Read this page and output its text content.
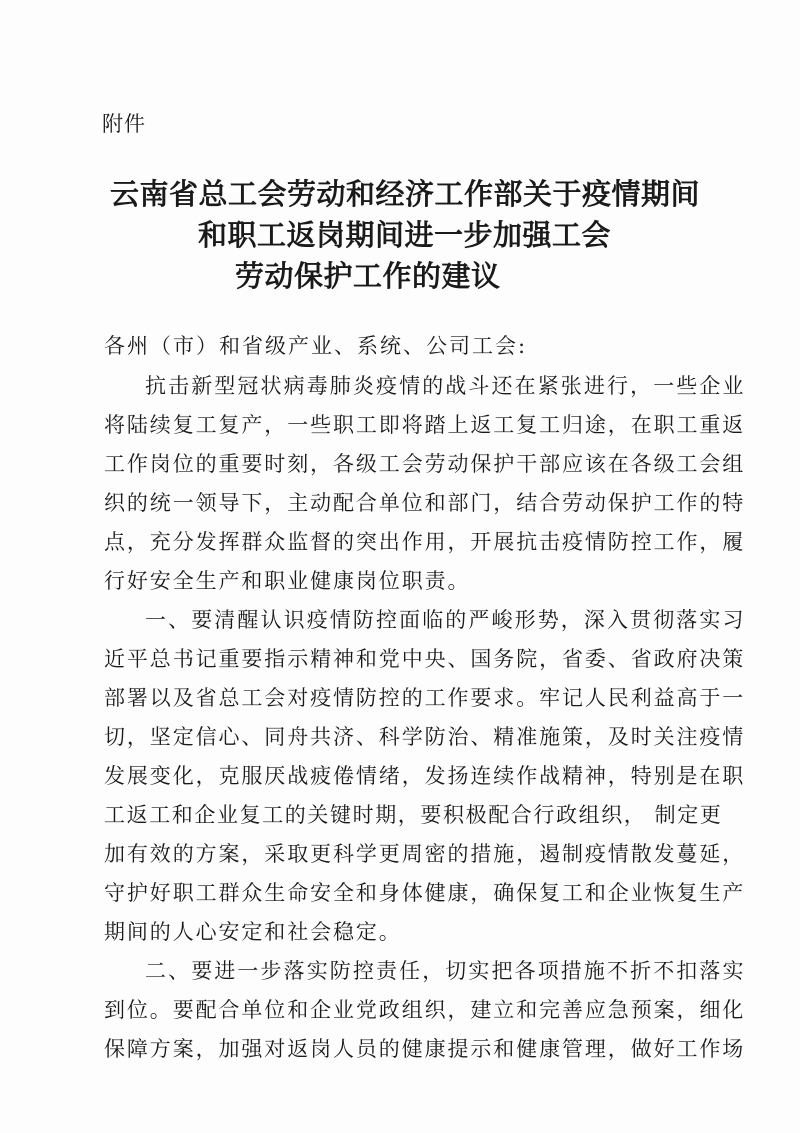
附件
云南省总工会劳动和经济工作部关于疫情期间
和职工返岗期间进一步加强工会
劳动保护工作的建议
各州（市）和省级产业、系统、公司工会:
抗击新型冠状病毒肺炎疫情的战斗还在紧张进行，一些企业
将陆续复工复产，一些职工即将踏上返工复工归途，在职工重返
工作岗位的重要时刻，各级工会劳动保护干部应该在各级工会组
织的统一领导下，主动配合单位和部门，结合劳动保护工作的特
点，充分发挥群众监督的突出作用，开展抗击疫情防控工作，履
行好安全生产和职业健康岗位职责。
一、要清醒认识疫情防控面临的严峻形势，深入贯彻落实习
近平总书记重要指示精神和党中央、国务院，省委、省政府决策
部署以及省总工会对疫情防控的工作要求。牢记人民利益高于一
切，坚定信心、同舟共济、科学防治、精准施策，及时关注疫情
发展变化，克服厌战疲倦情绪，发扬连续作战精神，特别是在职
工返工和企业复工的关键时期，要积极配合行政组织， 制定更
加有效的方案，采取更科学更周密的措施，遏制疫情散发蔓延，
守护好职工群众生命安全和身体健康，确保复工和企业恢复生产
期间的人心安定和社会稳定。
二、要进一步落实防控责任，切实把各项措施不折不扣落实
到位。要配合单位和企业党政组织，建立和完善应急预案，细化
保障方案，加强对返岗人员的健康提示和健康管理，做好工作场
